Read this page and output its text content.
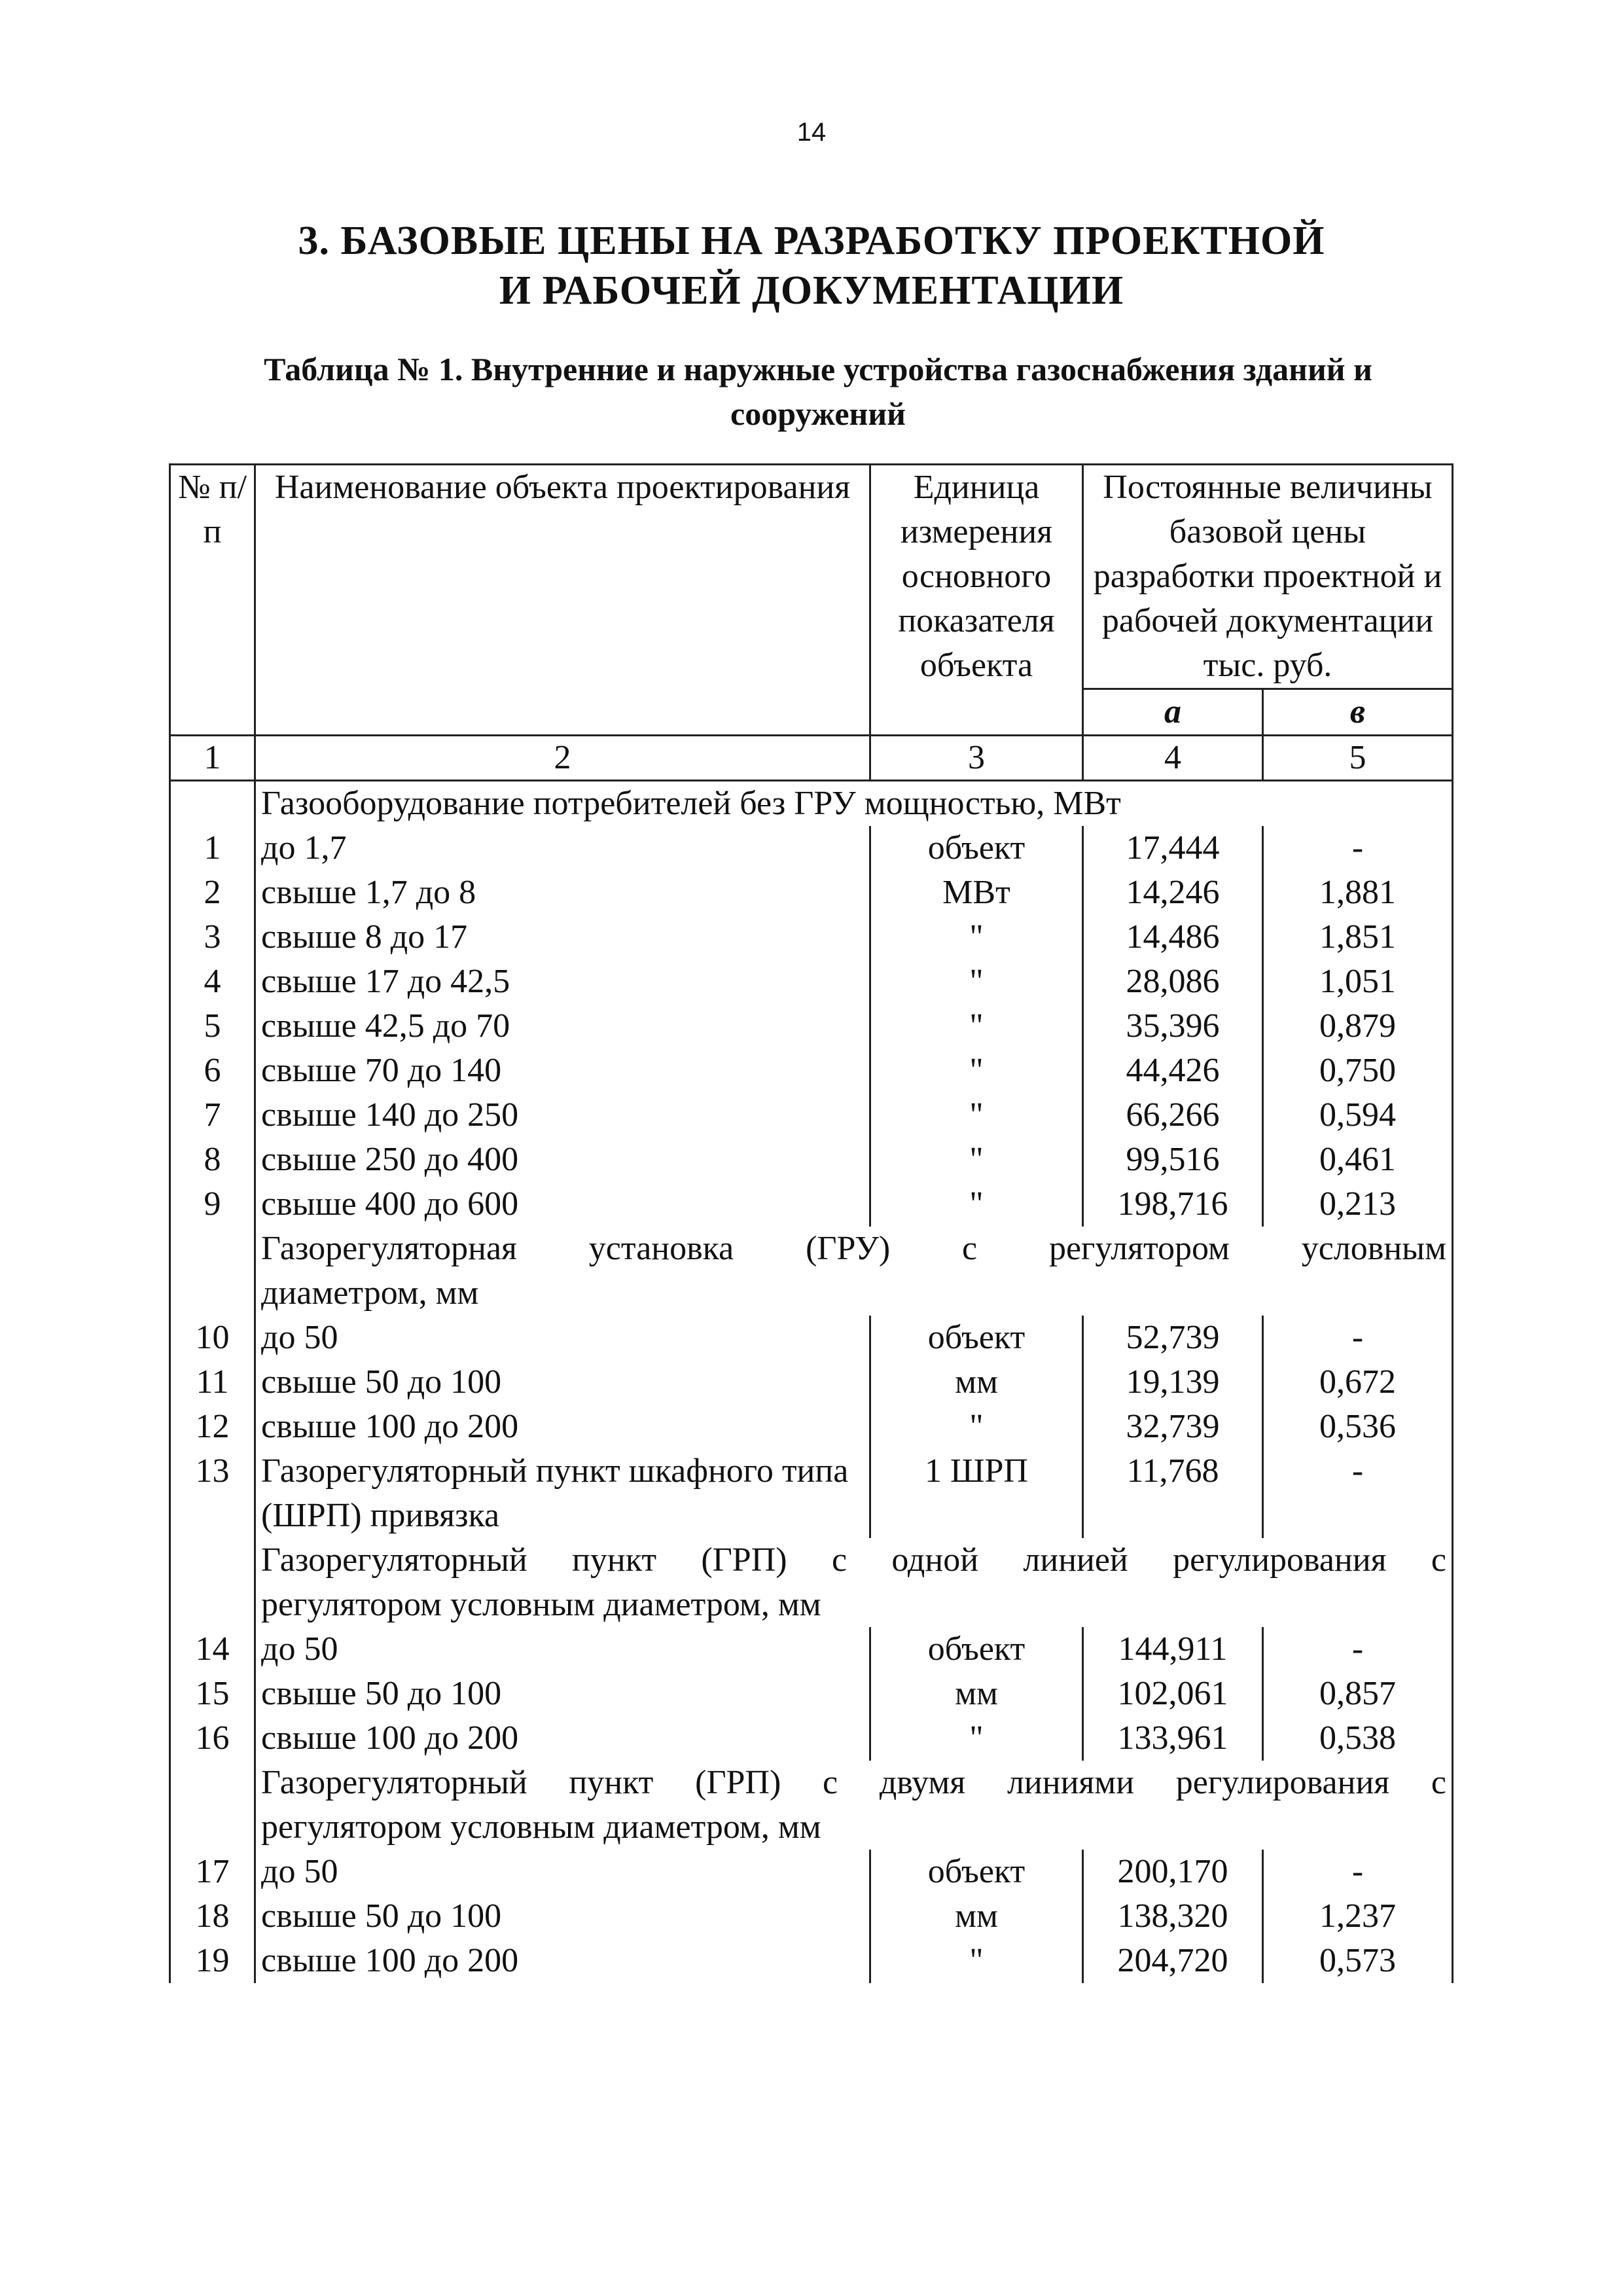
14
3. БАЗОВЫЕ ЦЕНЫ НА РАЗРАБОТКУ ПРОЕКТНОЙ
И РАБОЧЕЙ ДОКУМЕНТАЦИИ
Таблица № 1. Внутренние и наружные устройства газоснабжения зданий и
сооружений
№ п/п	Наименование объекта проектирования	Единица измерения основного показателя объекта	Постоянные величины базовой цены разработки проектной и рабочей документации тыс. руб.	
			а	в
1	2	3	4	5
	Газооборудование потребителей без ГРУ мощностью, МВт			
1	до 1,7	объект	17,444	-
2	свыше 1,7 до 8	МВт	14,246	1,881
3	свыше 8 до 17	"	14,486	1,851
4	свыше 17 до 42,5	"	28,086	1,051
5	свыше 42,5 до 70	"	35,396	0,879
6	свыше 70 до 140	"	44,426	0,750
7	свыше 140 до 250	"	66,266	0,594
8	свыше 250 до 400	"	99,516	0,461
9	свыше 400 до 600	"	198,716	0,213
	Газорегуляторная установка (ГРУ) с регулятором условным			
	диаметром, мм			
10	до 50	объект	52,739	-
11	свыше 50 до 100	мм	19,139	0,672
12	свыше 100 до 200	"	32,739	0,536
13	Газорегуляторный пункт шкафного типа (ШРП) привязка	1 ШРП	11,768	-
	Газорегуляторный пункт (ГРП) с одной линией регулирования с			
	регулятором условным диаметром, мм			
14	до 50	объект	144,911	-
15	свыше 50 до 100	мм	102,061	0,857
16	свыше 100 до 200	"	133,961	0,538
	Газорегуляторный пункт (ГРП) с двумя линиями регулирования с			
	регулятором условным диаметром, мм			
17	до 50	объект	200,170	-
18	свыше 50 до 100	мм	138,320	1,237
19	свыше 100 до 200	"	204,720	0,573
